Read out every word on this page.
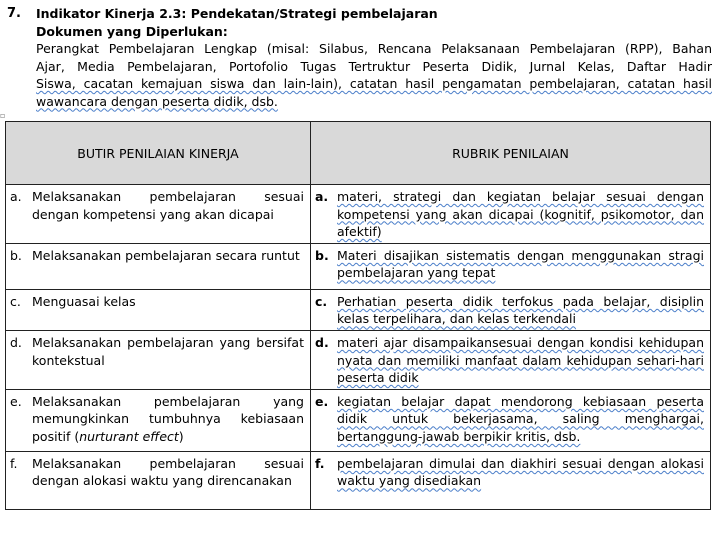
7. Indikator Kinerja 2.3: Pendekatan/Strategi pembelajaran
Dokumen yang Diperlukan:
Perangkat Pembelajaran Lengkap (misal: Silabus, Rencana Pelaksanaan Pembelajaran (RPP), Bahan
Ajar, Media Pembelajaran, Portofolio Tugas Tertruktur Peserta Didik, Jurnal Kelas, Daftar Hadir
Siswa, cacatan kemajuan siswa dan lain-lain), catatan hasil pengamatan pembelajaran, catatan hasil
wawancara dengan peserta didik, dsb.
▫
BUTIR PENILAIAN KINERJA	RUBRIK PENILAIAN

a. Melaksanakan pembelajaran sesuai dengan kompetensi yang akan dicapai	a. materi, strategi dan kegiatan belajar sesuai dengan kompetensi yang akan dicapai (kognitif, psikomotor, dan afektif)

b. Melaksanakan pembelajaran secara runtut	b. Materi disajikan sistematis dengan menggunakan stragi pembelajaran yang tepat

c. Menguasai kelas	c. Perhatian peserta didik terfokus pada belajar, disiplin kelas terpelihara, dan kelas terkendali

d. Melaksanakan pembelajaran yang bersifat kontekstual	d. materi ajar disampaikansesuai dengan kondisi kehidupan nyata dan memiliki manfaat dalam kehidupan sehari-hari peserta didik

e. Melaksanakan pembelajaran yang memungkinkan tumbuhnya kebiasaan positif (nurturant effect)	e. kegiatan belajar dapat mendorong kebiasaan peserta didik untuk bekerjasama, saling menghargai, bertanggung-jawab berpikir kritis, dsb.

f. Melaksanakan pembelajaran sesuai dengan alokasi waktu yang direncanakan	f. pembelajaran dimulai dan diakhiri sesuai dengan alokasi waktu yang disediakan
